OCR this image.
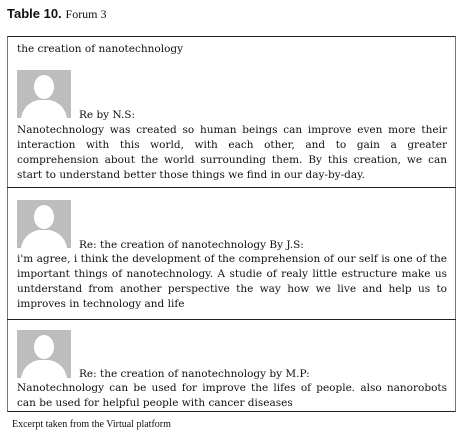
Table 10. Forum 3
the creation of nanotechnology
Re by N.S:
Nanotechnology was created so human beings can improve even more their interaction with this world, with each other, and to gain a greater comprehension about the world surrounding them. By this creation, we can start to understand better those things we find in our day-by-day.
Re: the creation of nanotechnology By J.S:
i'm agree, i think the development of the comprehension of our self is one of the important things of nanotechnology. A studie of realy little estructure make us untderstand from another perspective the way how we live and help us to improves in technology and life
Re: the creation of nanotechnology by M.P:
Nanotechnology can be used for improve the lifes of people. also nanorobots can be used for helpful people with cancer diseases
Excerpt taken from the Virtual platform
